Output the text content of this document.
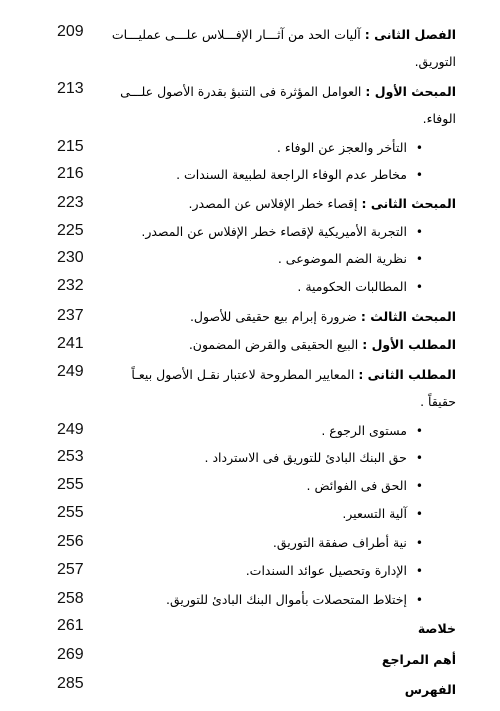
209	الفصل الثانى : آليات الحد من آثـــار الإفـــلاس علـــى عمليـــات التوريق.
213	المبحث الأول : العوامل المؤثرة فى التنبؤ بقدرة الأصول علـــى الوفاء.
215	•التأخر والعجز عن الوفاء .
216	•مخاطر عدم الوفاء الراجعة لطبيعة السندات .
223	المبحث الثانى : إقصاء خطر الإفلاس عن المصدر.
225	•التجربة الأميريكية لإقصاء خطر الإفلاس عن المصدر.
230	•نظرية الضم الموضوعى .
232	•المطالبات الحكومية .
237	المبحث الثالث : ضرورة إبرام بيع حقيقى للأصول.
241	المطلب الأول : البيع الحقيقى والقرض المضمون.
249	المطلب الثانى : المعايير المطروحة لاعتبار نقـل الأصول بيعـاً حقيقاً .
249	•مستوى الرجوع .
253	•حق البنك البادئ للتوريق فى الاسترداد .
255	•الحق فى الفوائض .
255	•آلية التسعير.
256	•نية أطراف صفقة التوريق.
257	•الإدارة وتحصيل عوائد السندات.
258	•إختلاط المتحصلات بأموال البنك البادئ للتوريق.
261	خلاصة
269	أهم المراجع
285	الفهرس
